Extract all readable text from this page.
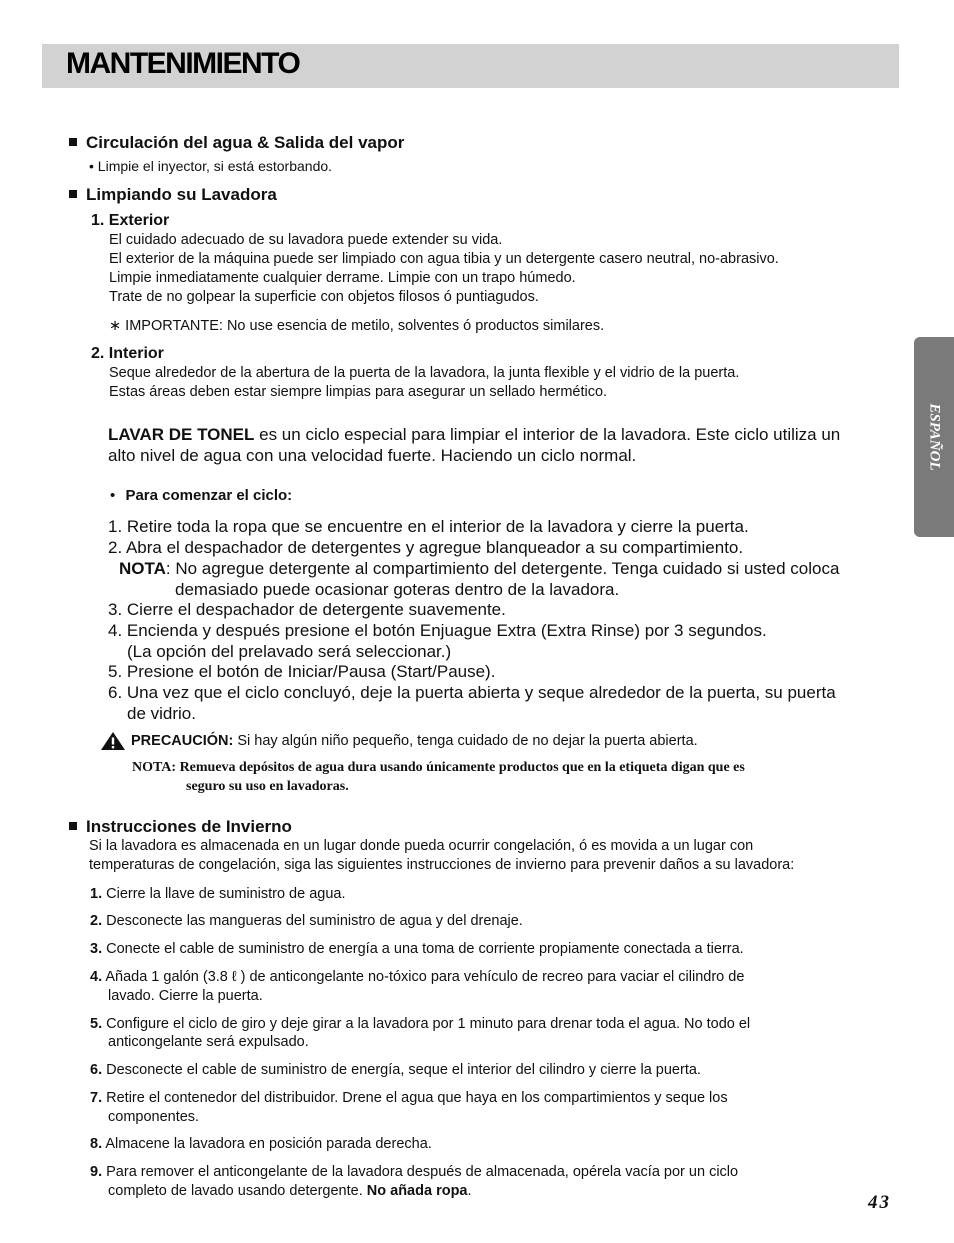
MANTENIMIENTO
ESPAÑOL
Circulación del agua & Salida del vapor
• Limpie el inyector, si está estorbando.
Limpiando su Lavadora
1. Exterior
El cuidado adecuado de su lavadora puede extender su vida.
El exterior de la máquina puede ser limpiado con agua tibia y un detergente casero neutral, no-abrasivo.
Limpie inmediatamente cualquier derrame. Limpie con un trapo húmedo.
Trate de no golpear la superficie con objetos filosos ó puntiagudos.
∗ IMPORTANTE: No use esencia de metilo, solventes ó productos similares.
2. Interior
Seque alrededor de la abertura de la puerta de la lavadora, la junta flexible y el vidrio de la puerta.
Estas áreas deben estar siempre limpias para asegurar un sellado hermético.
LAVAR DE TONEL es un ciclo especial para limpiar el interior de la lavadora. Este ciclo utiliza un
alto nivel de agua con una velocidad fuerte. Haciendo un ciclo normal.
• Para comenzar el ciclo:
1. Retire toda la ropa que se encuentre en el interior de la lavadora y cierre la puerta.
2. Abra el despachador de detergentes y agregue blanqueador a su compartimiento.
NOTA: No agregue detergente al compartimiento del detergente. Tenga cuidado si usted coloca
demasiado puede ocasionar goteras dentro de la lavadora.
3. Cierre el despachador de detergente suavemente.
4. Encienda y después presione el botón Enjuague Extra (Extra Rinse) por 3 segundos.
(La opción del prelavado será seleccionar.)
5. Presione el botón de Iniciar/Pausa (Start/Pause).
6. Una vez que el ciclo concluyó, deje la puerta abierta y seque alrededor de la puerta, su puerta
de vidrio.
PRECAUCIÓN: Si hay algún niño pequeño, tenga cuidado de no dejar la puerta abierta.
NOTA: Remueva depósitos de agua dura usando únicamente productos que en la etiqueta digan que es
seguro su uso en lavadoras.
Instrucciones de Invierno
Si la lavadora es almacenada en un lugar donde pueda ocurrir congelación, ó es movida a un lugar con
temperaturas de congelación, siga las siguientes instrucciones de invierno para prevenir daños a su lavadora:
1. Cierre la llave de suministro de agua.
2. Desconecte las mangueras del suministro de agua y del drenaje.
3. Conecte el cable de suministro de energía a una toma de corriente propiamente conectada a tierra.
4. Añada 1 galón (3.8 ℓ ) de anticongelante no-tóxico para vehículo de recreo para vaciar el cilindro de
lavado. Cierre la puerta.
5. Configure el ciclo de giro y deje girar a la lavadora por 1 minuto para drenar toda el agua. No todo el
anticongelante será expulsado.
6. Desconecte el cable de suministro de energía, seque el interior del cilindro y cierre la puerta.
7. Retire el contenedor del distribuidor. Drene el agua que haya en los compartimientos y seque los
componentes.
8. Almacene la lavadora en posición parada derecha.
9. Para remover el anticongelante de la lavadora después de almacenada, opérela vacía por un ciclo
completo de lavado usando detergente. No añada ropa.
43
